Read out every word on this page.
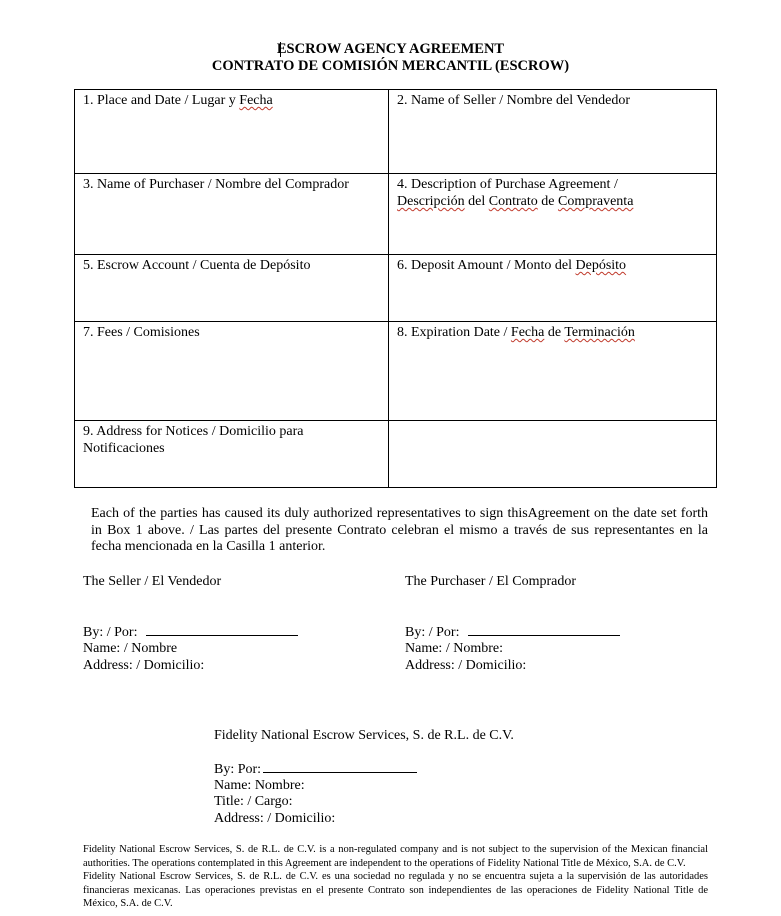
ESCROW AGENCY AGREEMENT
CONTRATO DE COMISIÓN MERCANTIL (ESCROW)
1. Place and Date / Lugar y Fecha	2. Name of Seller / Nombre del Vendedor
3. Name of Purchaser / Nombre del Comprador	4. Description of Purchase Agreement /
Descripción del Contrato de Compraventa

5. Escrow Account / Cuenta de Depósito	6. Deposit Amount / Monto del Depósito
7. Fees / Comisiones	8. Expiration Date / Fecha de Terminación

9. Address for Notices / Domicilio para
Notificaciones	

Each of the parties has caused its duly authorized representatives to sign thisAgreement on the date set forth in Box 1 above. / Las partes del presente Contrato celebran el mismo a través de sus representantes en la fecha mencionada en la Casilla 1 anterior.
The Seller / El Vendedor
By: / Por:
Name: / Nombre
Address: / Domicilio:
The Purchaser / El Comprador
By: / Por:
Name: / Nombre:
Address: / Domicilio:
Fidelity National Escrow Services, S. de R.L. de C.V.
By: Por:
Name: Nombre:
Title: / Cargo:
Address: / Domicilio:

Fidelity National Escrow Services, S. de R.L. de C.V. is a non-regulated company and is not subject to the supervision of the Mexican financial authorities. The operations contemplated in this Agreement are independent to the operations of Fidelity National Title de México, S.A. de C.V.

Fidelity National Escrow Services, S. de R.L. de C.V. es una sociedad no regulada y no se encuentra sujeta a la supervisión de las autoridades financieras mexicanas. Las operaciones previstas en el presente Contrato son independientes de las operaciones de Fidelity National Title de México, S.A. de C.V.
